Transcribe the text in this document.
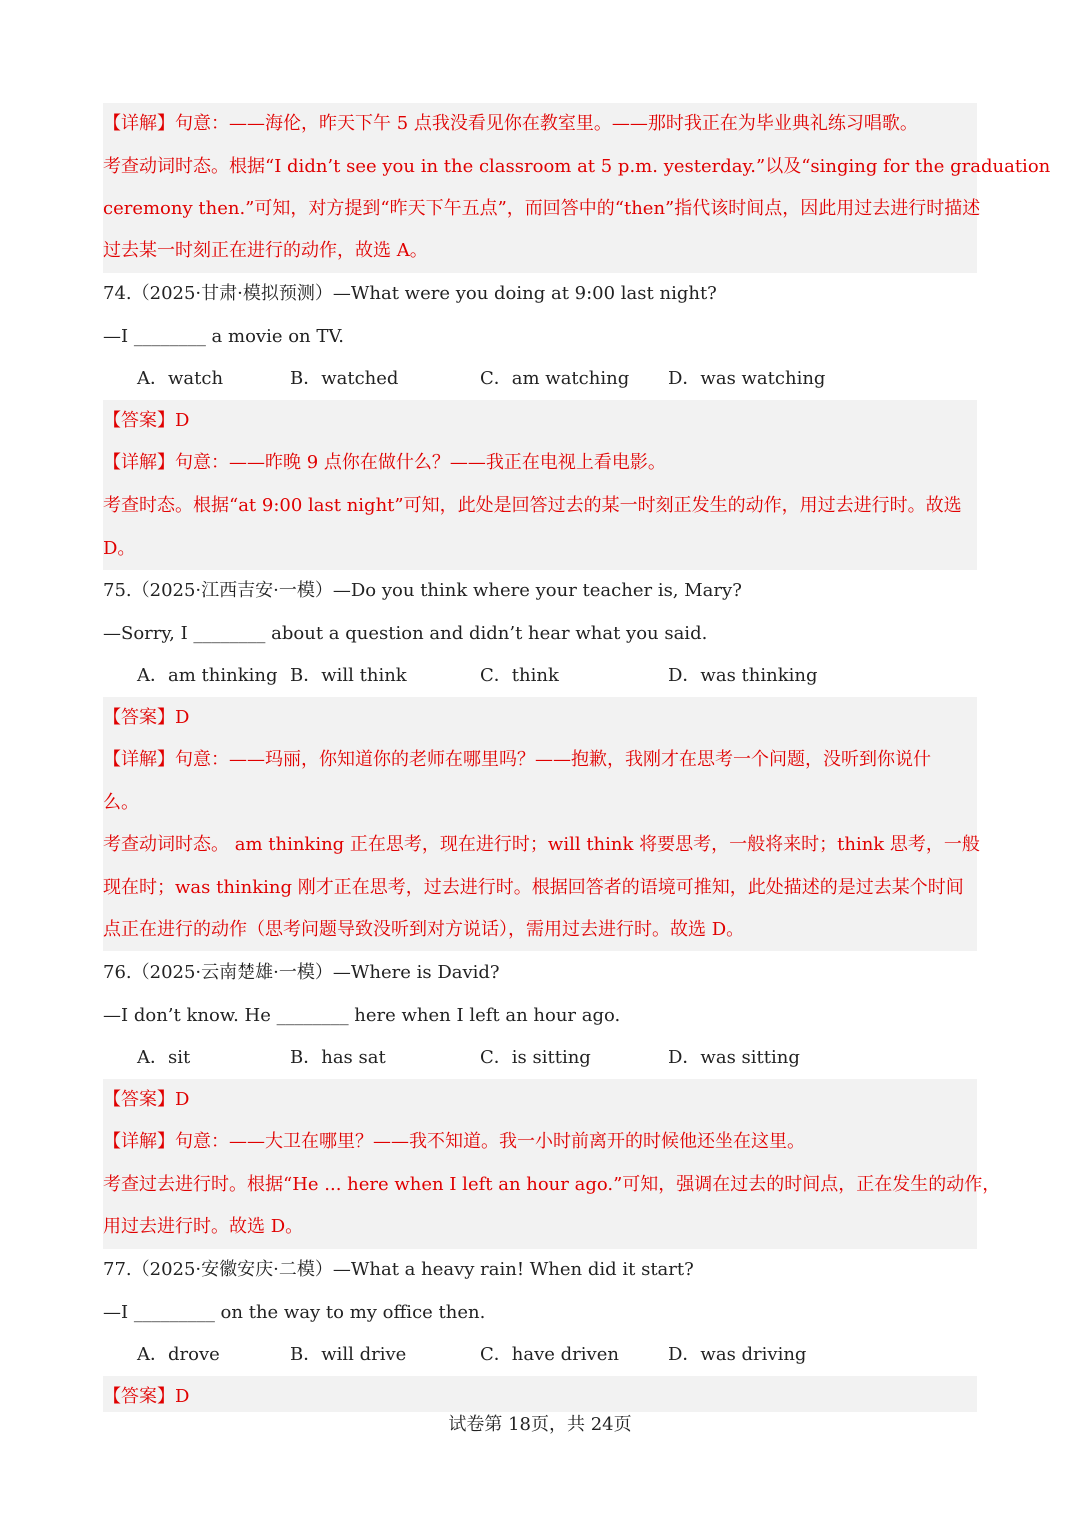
【详解】句意：——海伦，昨天下午 5 点我没看见你在教室里。——那时我正在为毕业典礼练习唱歌。
考查动词时态。根据“I didn’t see you in the classroom at 5 p.m. yesterday.”以及“singing for the graduation
ceremony then.”可知，对方提到“昨天下午五点”，而回答中的“then”指代该时间点，因此用过去进行时描述
过去某一时刻正在进行的动作，故选 A。
74.（2025·甘肃·模拟预测）—What were you doing at 9:00 last night?
—I ________ a movie on TV.
A．watch	B．watched	C．am watching D．was watching
【答案】D
【详解】句意：——昨晚 9 点你在做什么？——我正在电视上看电影。
考查时态。根据“at 9:00 last night”可知，此处是回答过去的某一时刻正发生的动作，用过去进行时。故选
D。
75.（2025·江西吉安·一模）—Do you think where your teacher is, Mary?
—Sorry, I ________ about a question and didn’t hear what you said.
A．am thinking B．will think	C．think	D．was thinking
【答案】D
【详解】句意：——玛丽，你知道你的老师在哪里吗？——抱歉，我刚才在思考一个问题，没听到你说什
么。
考查动词时态。 am thinking 正在思考，现在进行时；will think 将要思考，一般将来时；think 思考，一般
现在时；was thinking 刚才正在思考，过去进行时。根据回答者的语境可推知，此处描述的是过去某个时间
点正在进行的动作（思考问题导致没听到对方说话），需用过去进行时。故选 D。
76.（2025·云南楚雄·一模）—Where is David?
—I don’t know. He ________ here when I left an hour ago.
A．sit	B．has sat	C．is sitting	D．was sitting
【答案】D
【详解】句意：——大卫在哪里？——我不知道。我一小时前离开的时候他还坐在这里。
考查过去进行时。根据“He ... here when I left an hour ago.”可知，强调在过去的时间点，正在发生的动作，
用过去进行时。故选 D。
77.（2025·安徽安庆·二模）—What a heavy rain! When did it start?
—I _________ on the way to my office then.
A．drove	B．will drive	C．have driven	D．was driving
【答案】D
试卷第 18页，共 24页
